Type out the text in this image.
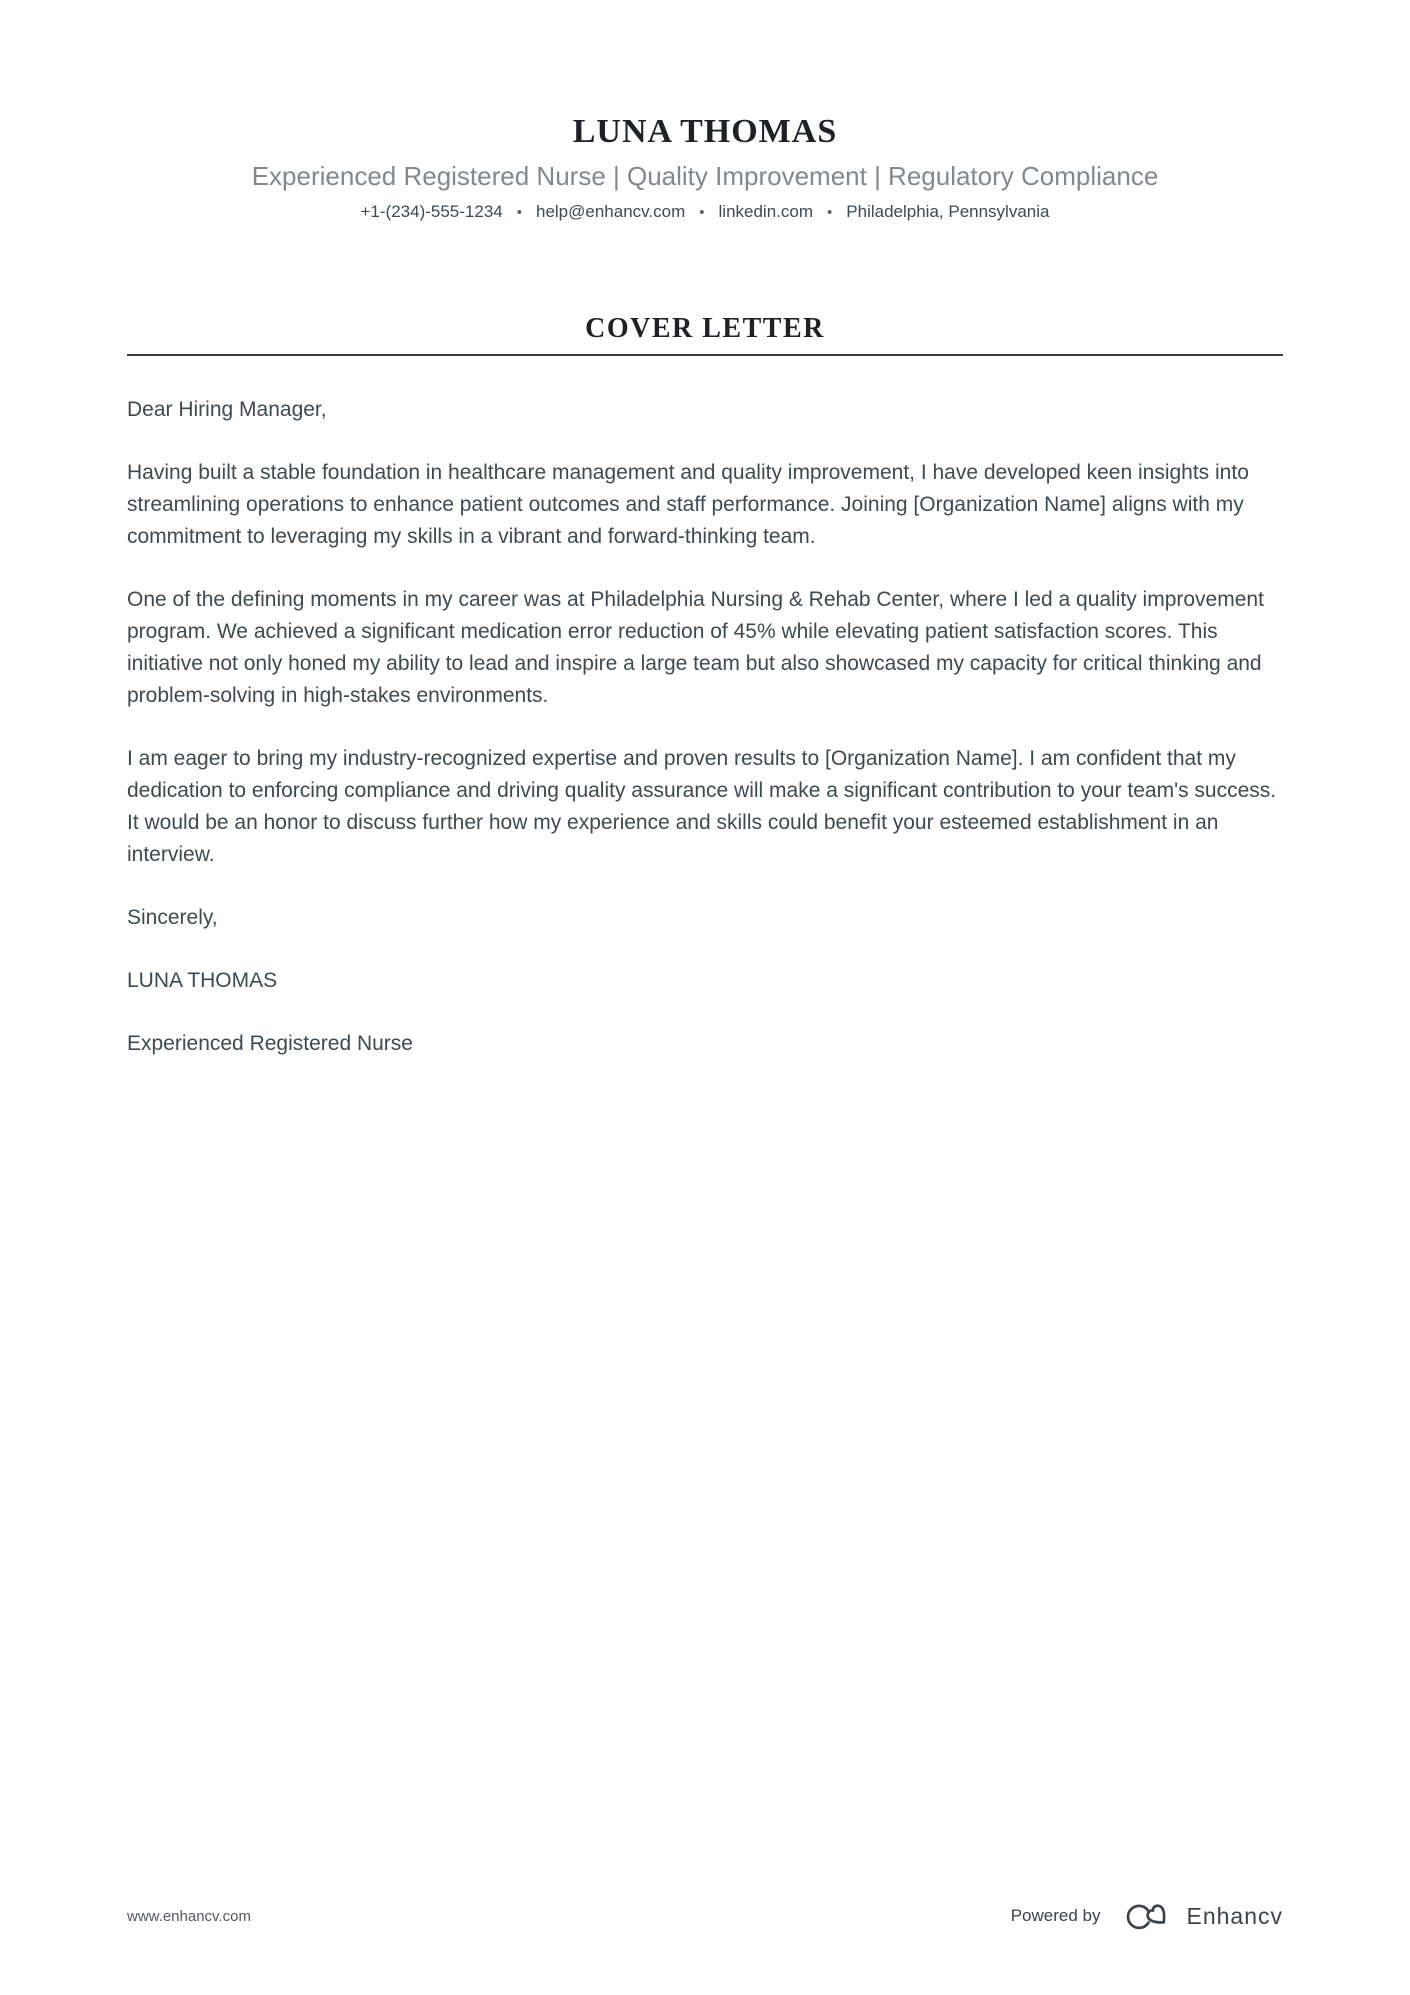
LUNA THOMAS
Experienced Registered Nurse | Quality Improvement | Regulatory Compliance
+1-(234)-555-1234 • help@enhancv.com • linkedin.com • Philadelphia, Pennsylvania
COVER LETTER

Dear Hiring Manager,

Having built a stable foundation in healthcare management and quality improvement, I have developed keen insights into streamlining operations to enhance patient outcomes and staff performance. Joining [Organization Name] aligns with my commitment to leveraging my skills in a vibrant and forward-thinking team.

One of the defining moments in my career was at Philadelphia Nursing & Rehab Center, where I led a quality improvement program. We achieved a significant medication error reduction of 45% while elevating patient satisfaction scores. This initiative not only honed my ability to lead and inspire a large team but also showcased my capacity for critical thinking and problem-solving in high-stakes environments.

I am eager to bring my industry-recognized expertise and proven results to [Organization Name]. I am confident that my dedication to enforcing compliance and driving quality assurance will make a significant contribution to your team's success. It would be an honor to discuss further how my experience and skills could benefit your esteemed establishment in an interview.

Sincerely,

LUNA THOMAS

Experienced Registered Nurse

www.enhancv.com	Powered by	Enhancv
